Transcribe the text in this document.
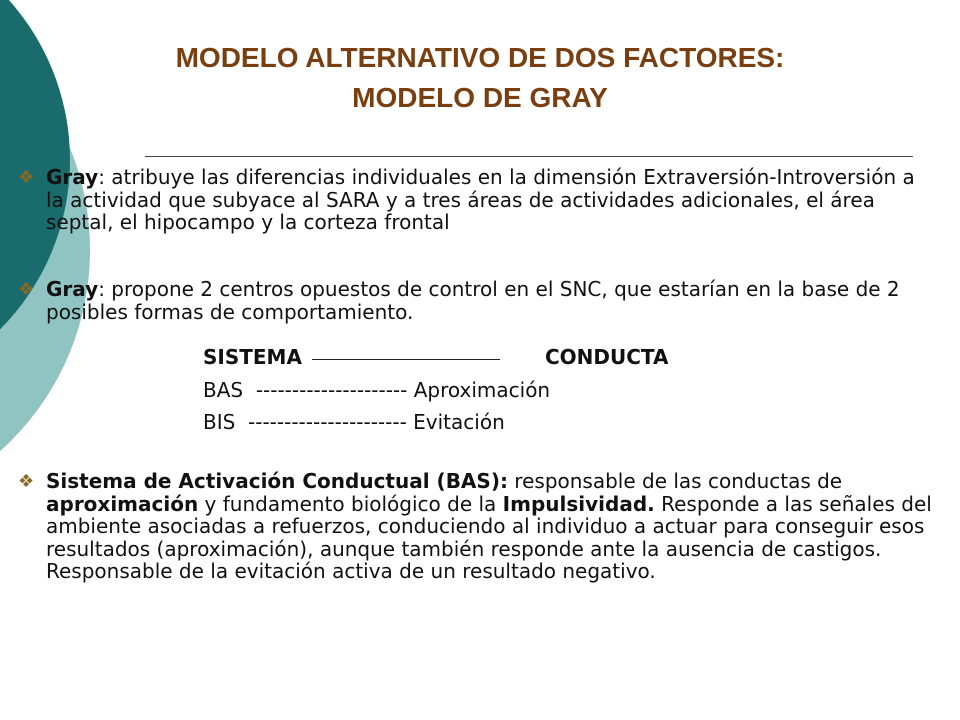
MODELO ALTERNATIVO DE DOS FACTORES:
MODELO DE GRAY
❖ Gray: atribuye las diferencias individuales en la dimensión Extraversión-Introversión a la actividad que subyace al SARA y a tres áreas de actividades adicionales, el área septal, el hipocampo y la corteza frontal
❖ Gray: propone 2 centros opuestos de control en el SNC, que estarían en la base de 2 posibles formas de comportamiento.
SISTEMA	CONDUCTA
BAS  --------------------- Aproximación
BIS  ---------------------- Evitación
❖ Sistema de Activación Conductual (BAS): responsable de las conductas de aproximación y fundamento biológico de la Impulsividad. Responde a las señales del ambiente asociadas a refuerzos, conduciendo al individuo a actuar para conseguir esos resultados (aproximación), aunque también responde ante la ausencia de castigos. Responsable de la evitación activa de un resultado negativo.
